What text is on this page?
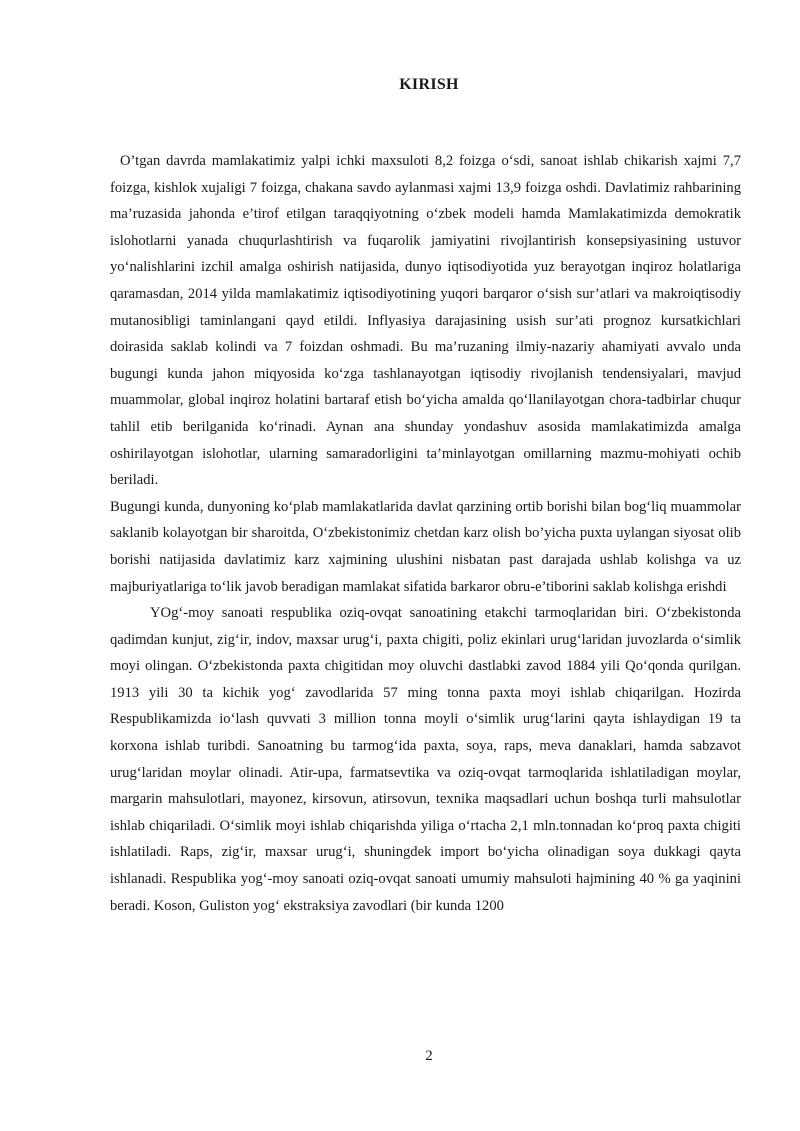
KIRISH

O’tgan davrda mamlakatimiz yalpi ichki maxsuloti 8,2 foizga o‘sdi, sanoat ishlab chikarish xajmi 7,7 foizga, kishlok xujaligi 7 foizga, chakana savdo aylanmasi xajmi 13,9 foizga oshdi. Davlatimiz rahbarining ma’ruzasida jahonda e’tirof etilgan taraqqiyotning o‘zbek modeli hamda Mamlakatimizda demokratik islohotlarni yanada chuqurlashtirish va fuqarolik jamiyatini rivojlantirish konsepsiyasining ustuvor yo‘nalishlarini izchil amalga oshirish natijasida, dunyo iqtisodiyotida yuz berayotgan inqiroz holatlariga qaramasdan, 2014 yilda mamlakatimiz iqtisodiyotining yuqori barqaror o‘sish sur’atlari va makroiqtisodiy mutanosibligi taminlangani qayd etildi. Inflyasiya darajasining usish sur’ati prognoz kursatkichlari doirasida saklab kolindi va 7 foizdan oshmadi. Bu ma’ruzaning ilmiy-nazariy ahamiyati avvalo unda bugungi kunda jahon miqyosida ko‘zga tashlanayotgan iqtisodiy rivojlanish tendensiyalari, mavjud muammolar, global inqiroz holatini bartaraf etish bo‘yicha amalda qo‘llanilayotgan chora-tadbirlar chuqur tahlil etib berilganida ko‘rinadi. Aynan ana shunday yondashuv asosida mamlakatimizda amalga oshirilayotgan islohotlar, ularning samaradorligini ta’minlayotgan omillarning mazmu-mohiyati ochib beriladi.

Bugungi kunda, dunyoning ko‘plab mamlakatlarida davlat qarzining ortib borishi bilan bog‘liq muammolar saklanib kolayotgan bir sharoitda, O‘zbekistonimiz chetdan karz olish bo’yicha puxta uylangan siyosat olib borishi natijasida davlatimiz karz xajmining ulushini nisbatan past darajada ushlab kolishga va uz majburiyatlariga to‘lik javob beradigan mamlakat sifatida barkaror obru-e’tiborini saklab kolishga erishdi

YOg‘-moy sanoati respublika oziq-ovqat sanoatining etakchi tarmoqlaridan biri. O‘zbekistonda qadimdan kunjut, zig‘ir, indov, maxsar urug‘i, paxta chigiti, poliz ekinlari urug‘laridan juvozlarda o‘simlik moyi olingan. O‘zbekistonda paxta chigitidan moy oluvchi dastlabki zavod 1884 yili Qo‘qonda qurilgan. 1913 yili 30 ta kichik yog‘ zavodlarida 57 ming tonna paxta moyi ishlab chiqarilgan. Hozirda Respublikamizda io‘lash quvvati 3 million tonna moyli o‘simlik urug‘larini qayta ishlaydigan 19 ta korxona ishlab turibdi. Sanoatning bu tarmog‘ida paxta, soya, raps, meva danaklari, hamda sabzavot urug‘laridan moylar olinadi. Atir-upa, farmatsevtika va oziq-ovqat tarmoqlarida ishlatiladigan moylar, margarin mahsulotlari, mayonez, kirsovun, atirsovun, texnika maqsadlari uchun boshqa turli mahsulotlar ishlab chiqariladi. O‘simlik moyi ishlab chiqarishda yiliga o‘rtacha 2,1 mln.tonnadan ko‘proq paxta chigiti ishlatiladi. Raps, zig‘ir, maxsar urug‘i, shuningdek import bo‘yicha olinadigan soya dukkagi qayta ishlanadi. Respublika yog‘-moy sanoati oziq-ovqat sanoati umumiy mahsuloti hajmining 40 % ga yaqinini beradi. Koson, Guliston yog‘ ekstraksiya zavodlari (bir kunda 1200

2
